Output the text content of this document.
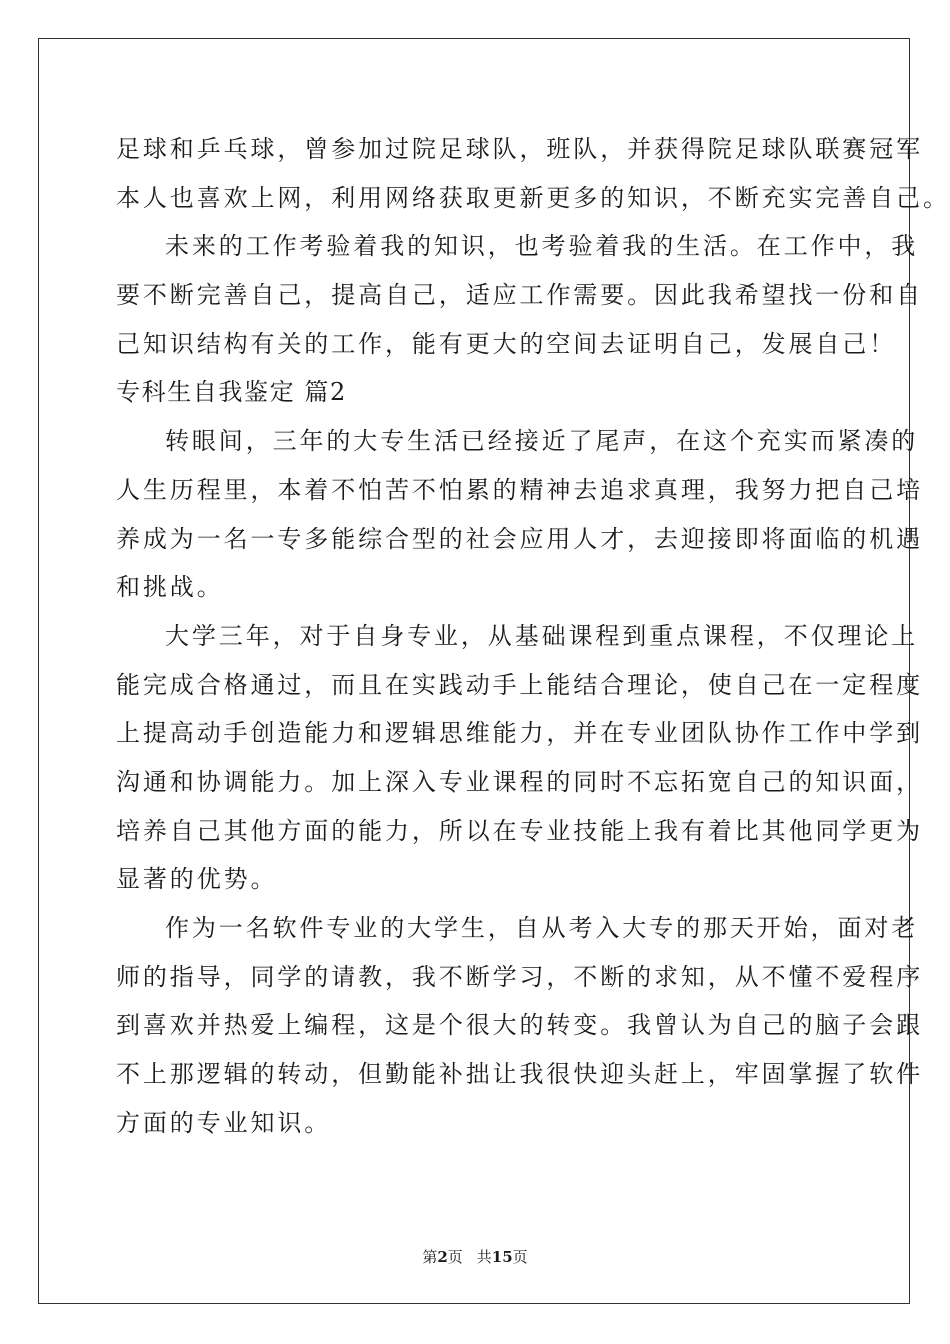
足球和乒乓球，曾参加过院足球队，班队，并获得院足球队联赛冠军

本人也喜欢上网，利用网络获取更新更多的知识，不断充实完善自己。

未来的工作考验着我的知识，也考验着我的生活。在工作中，我

要不断完善自己，提高自己，适应工作需要。因此我希望找一份和自

己知识结构有关的工作，能有更大的空间去证明自己，发展自己！

专科生自我鉴定 篇2

转眼间，三年的大专生活已经接近了尾声，在这个充实而紧凑的

人生历程里，本着不怕苦不怕累的精神去追求真理，我努力把自己培

养成为一名一专多能综合型的社会应用人才，去迎接即将面临的机遇

和挑战。

大学三年，对于自身专业，从基础课程到重点课程，不仅理论上

能完成合格通过，而且在实践动手上能结合理论，使自己在一定程度

上提高动手创造能力和逻辑思维能力，并在专业团队协作工作中学到

沟通和协调能力。加上深入专业课程的同时不忘拓宽自己的知识面，

培养自己其他方面的能力，所以在专业技能上我有着比其他同学更为

显著的优势。

作为一名软件专业的大学生，自从考入大专的那天开始，面对老

师的指导，同学的请教，我不断学习，不断的求知，从不懂不爱程序

到喜欢并热爱上编程，这是个很大的转变。我曾认为自己的脑子会跟

不上那逻辑的转动，但勤能补拙让我很快迎头赶上，牢固掌握了软件

方面的专业知识。

第2页 共15页
